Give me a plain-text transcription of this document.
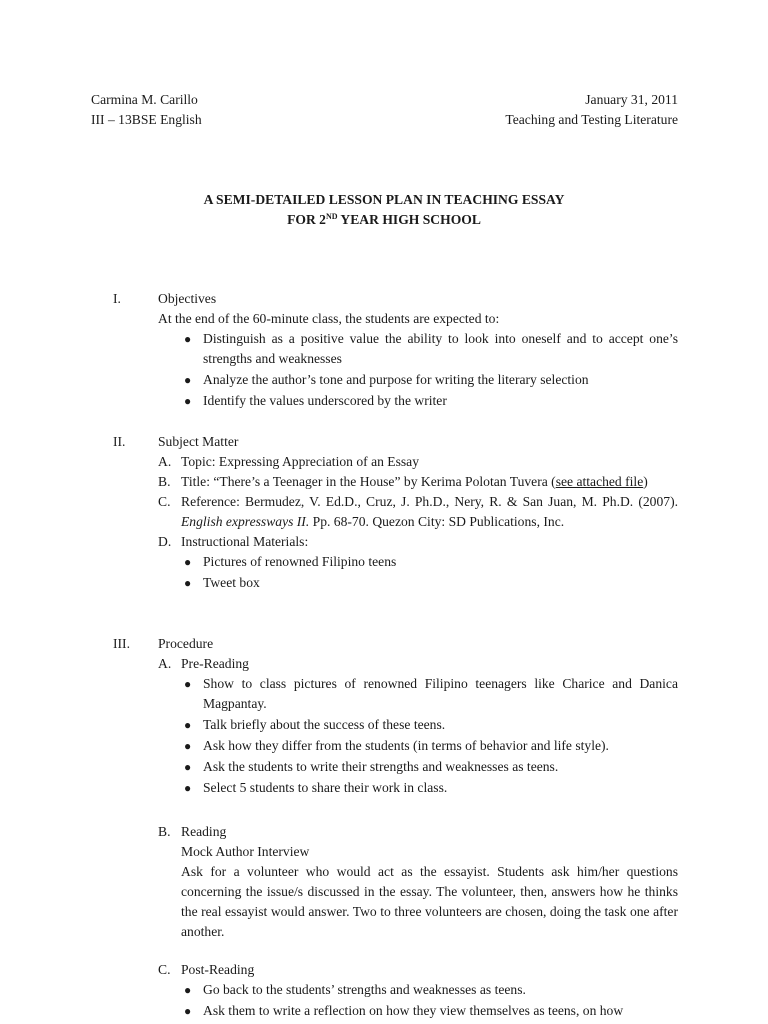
Carmina M. Carillo	January 31, 2011
III – 13BSE English	Teaching and Testing Literature
A SEMI-DETAILED LESSON PLAN IN TEACHING ESSAY
FOR 2ND YEAR HIGH SCHOOL
I.	Objectives
At the end of the 60-minute class, the students are expected to:
● Distinguish as a positive value the ability to look into oneself and to accept one’s strengths and weaknesses
● Analyze the author’s tone and purpose for writing the literary selection
● Identify the values underscored by the writer
II. Subject Matter
A. Topic: Expressing Appreciation of an Essay
B. Title: “There’s a Teenager in the House” by Kerima Polotan Tuvera (see attached file)
C. Reference: Bermudez, V. Ed.D., Cruz, J. Ph.D., Nery, R. & San Juan, M. Ph.D. (2007). English expressways II. Pp. 68-70. Quezon City: SD Publications, Inc.
D. Instructional Materials:
● Pictures of renowned Filipino teens
● Tweet box
III. Procedure
A. Pre-Reading
● Show to class pictures of renowned Filipino teenagers like Charice and Danica Magpantay.
● Talk briefly about the success of these teens.
● Ask how they differ from the students (in terms of behavior and life style).
● Ask the students to write their strengths and weaknesses as teens.
● Select 5 students to share their work in class.
B. Reading
Mock Author Interview
Ask for a volunteer who would act as the essayist. Students ask him/her questions concerning the issue/s discussed in the essay. The volunteer, then, answers how he thinks the real essayist would answer. Two to three volunteers are chosen, doing the task one after another.
C. Post-Reading
● Go back to the students’ strengths and weaknesses as teens.
● Ask them to write a reflection on how they view themselves as teens, on how
